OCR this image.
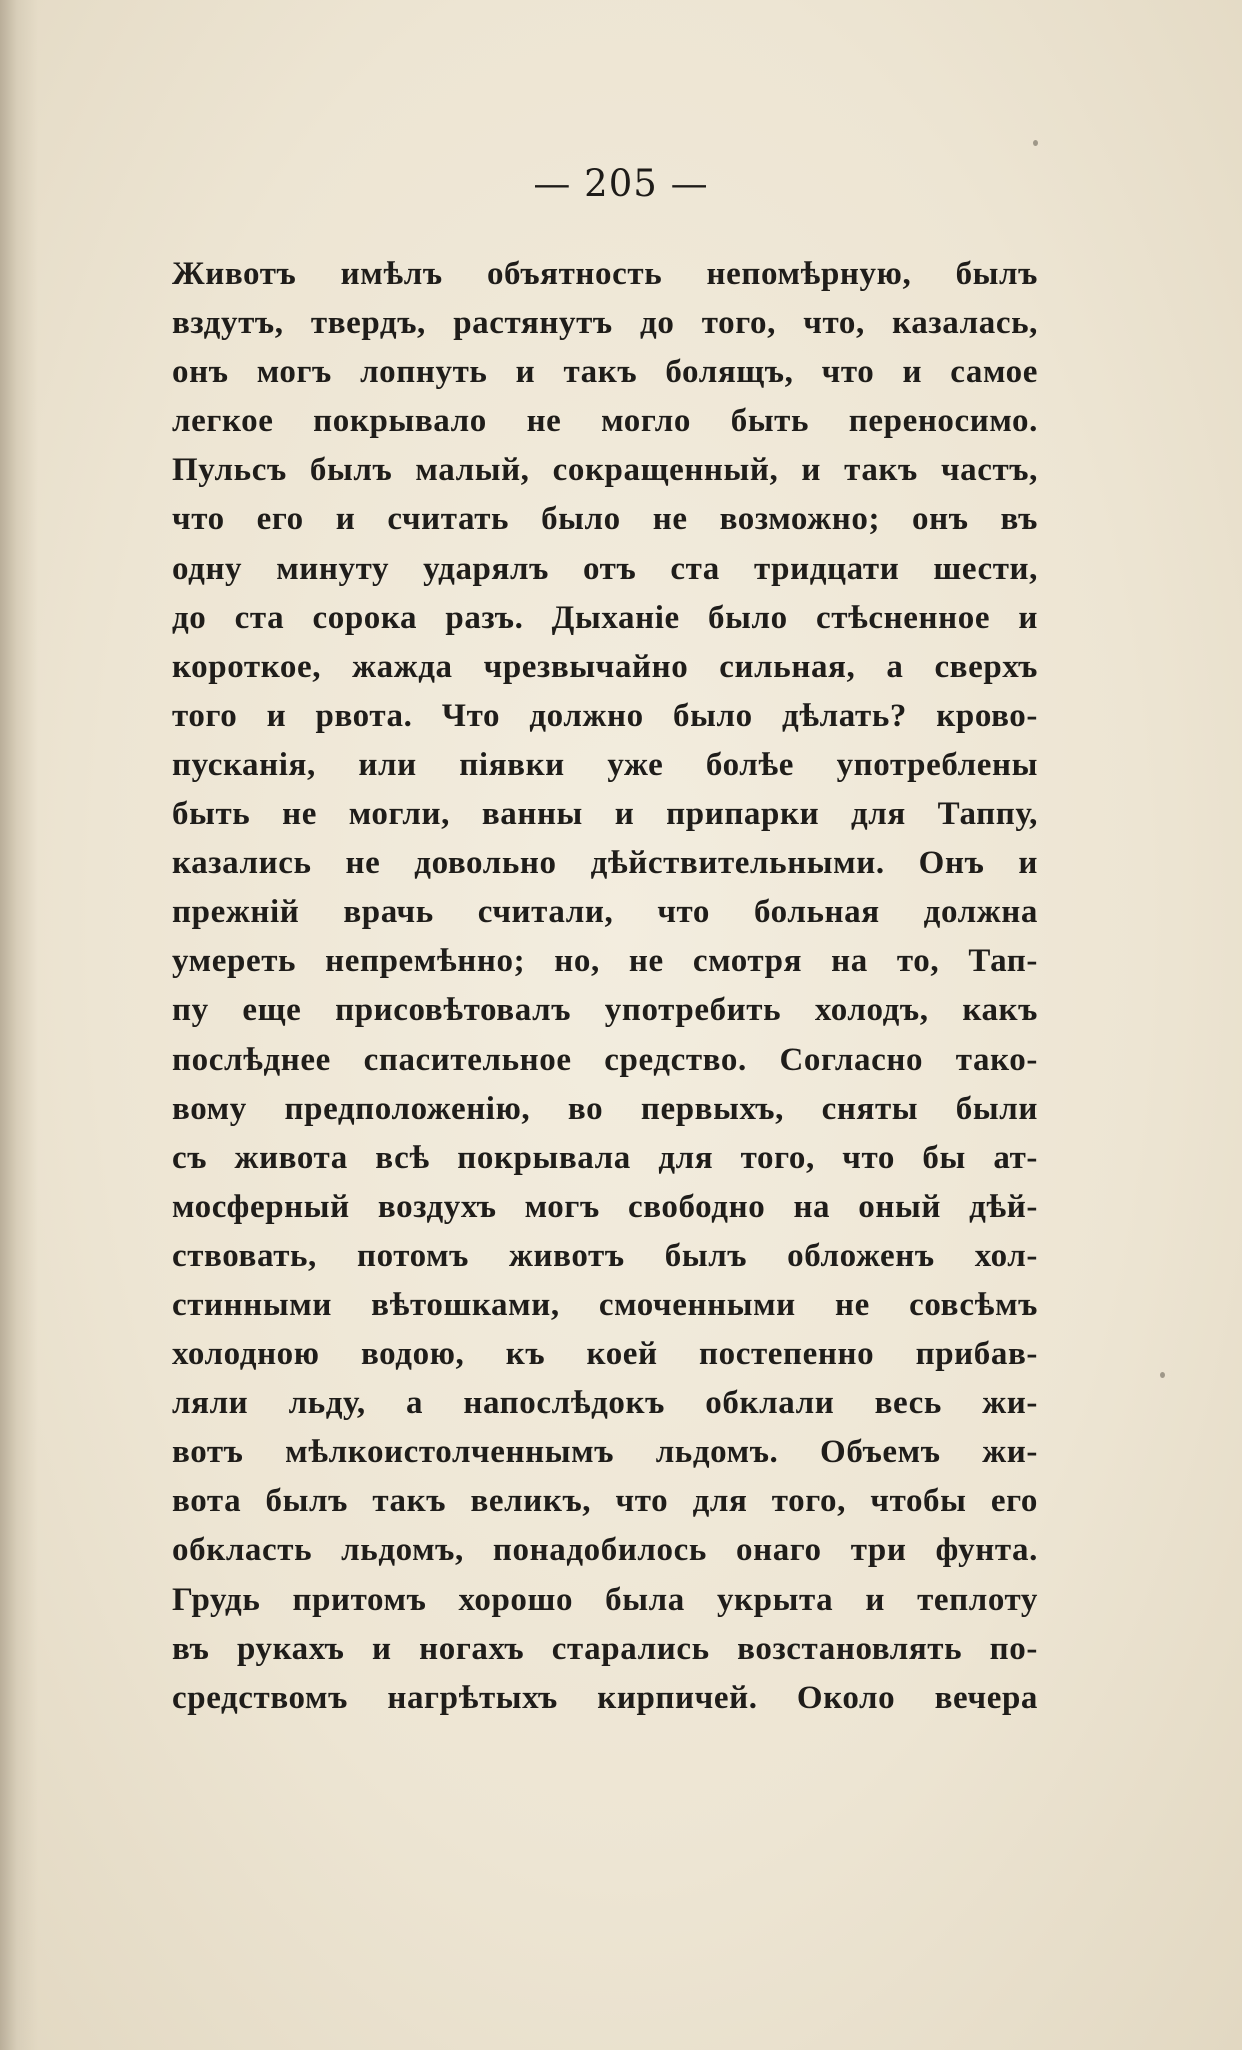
— 205 —
Животъ имѣлъ объятность непомѣрную, былъ
вздутъ, твердъ, растянутъ до того, что, казалась,
онъ могъ лопнуть и такъ болящъ, что и самое
легкое покрывало не могло быть переносимо.
Пульсъ былъ малый, сокращенный, и такъ частъ,
что его и считать было не возможно; онъ въ
одну минуту ударялъ отъ ста тридцати шести,
до ста сорока разъ. Дыханіе было стѣсненное и
короткое, жажда чрезвычайно сильная, а сверхъ
того и рвота. Что должно было дѣлать? крово-
пусканія, или піявки уже болѣе употреблены
быть не могли, ванны и припарки для Таппу,
казались не довольно дѣйствительными. Онъ и
прежній врачь считали, что больная должна
умереть непремѣнно; но, не смотря на то, Тап-
пу еще присовѣтовалъ употребить холодъ, какъ
послѣднее спасительное средство. Согласно тако-
вому предположенію, во первыхъ, сняты были
съ живота всѣ покрывала для того, что бы ат-
мосферный воздухъ могъ свободно на оный дѣй-
ствовать, потомъ животъ былъ обложенъ хол-
стинными вѣтошками, смоченными не совсѣмъ
холодною водою, къ коей постепенно прибав-
ляли льду, а напослѣдокъ обклали весь жи-
вотъ мѣлкоистолченнымъ льдомъ. Объемъ жи-
вота былъ такъ великъ, что для того, чтобы его
обкласть льдомъ, понадобилось онаго три фунта.
Грудь притомъ хорошо была укрыта и теплоту
въ рукахъ и ногахъ старались возстановлять по-
средствомъ нагрѣтыхъ кирпичей. Около вечера
